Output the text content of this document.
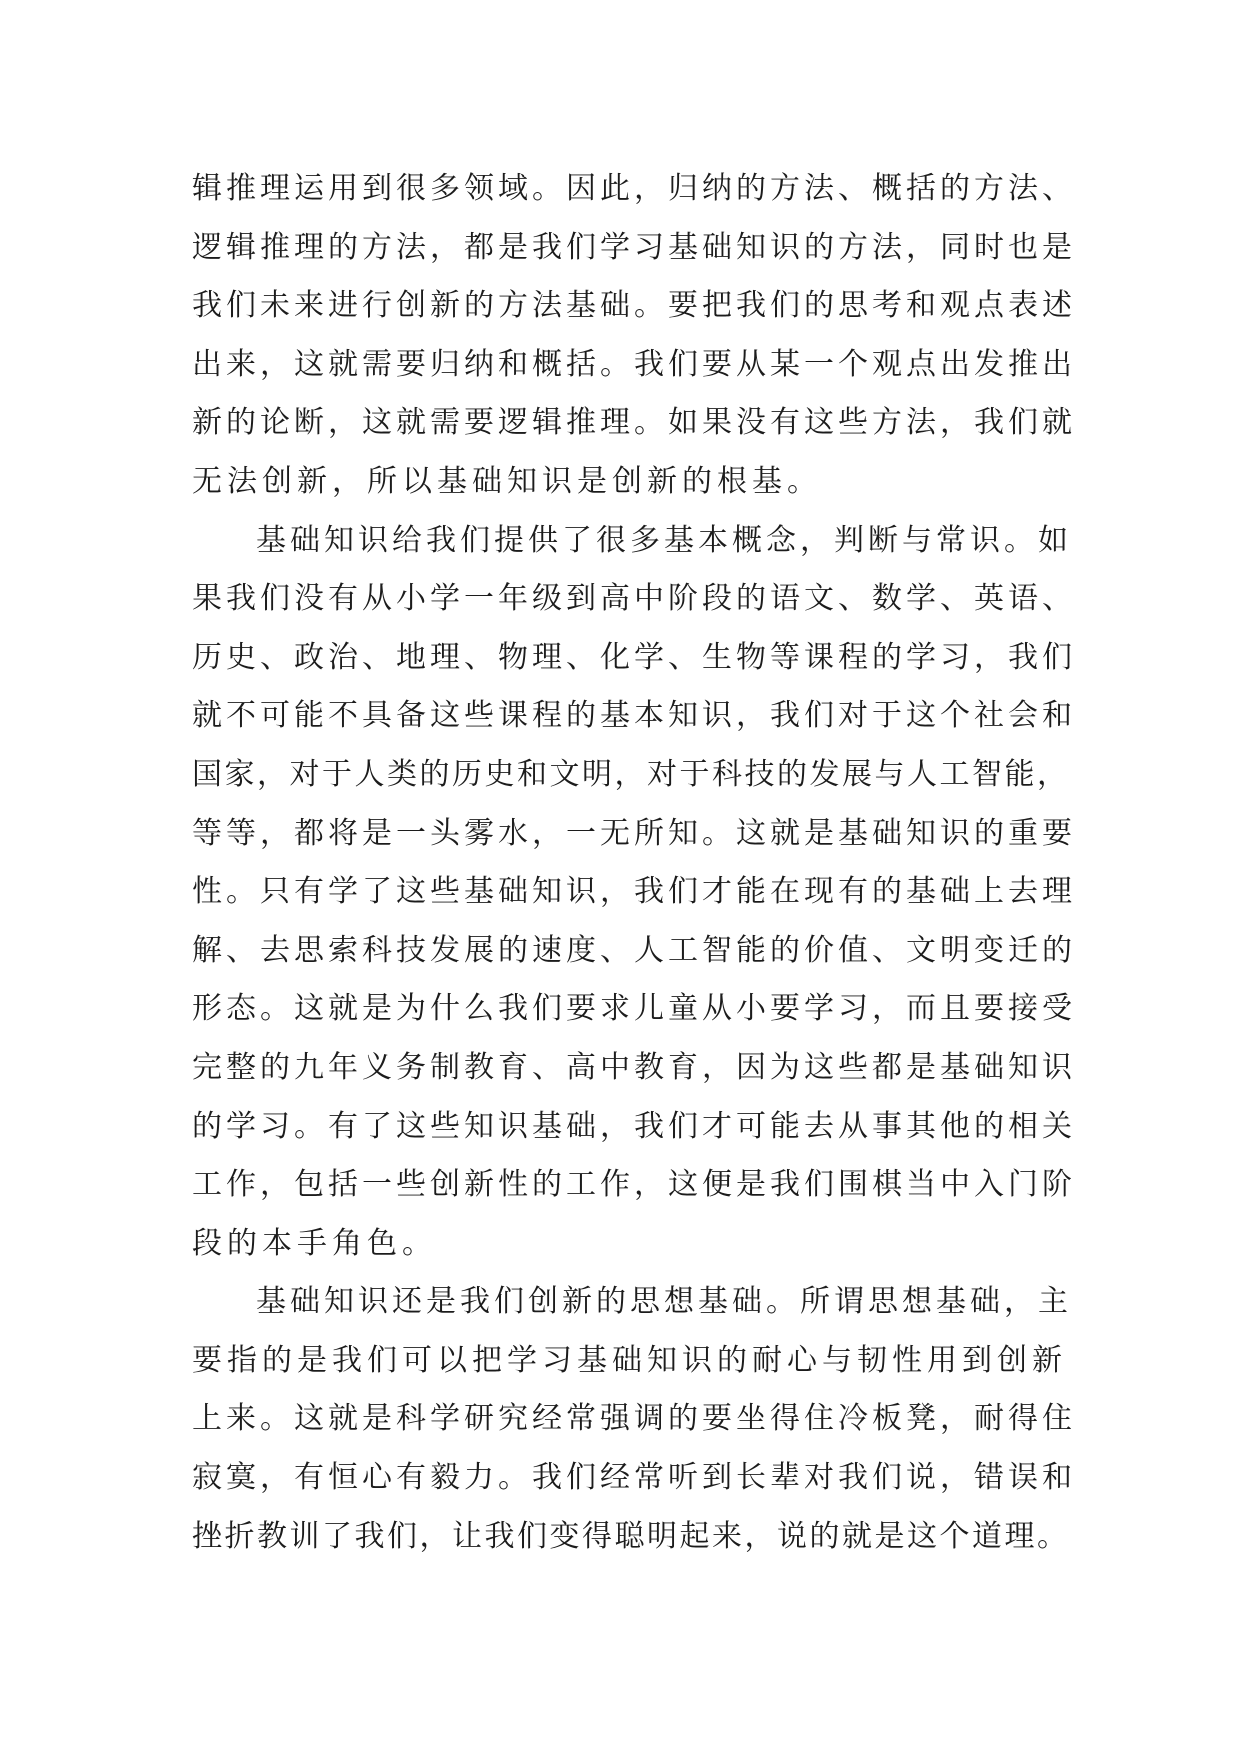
辑推理运用到很多领域。因此，归纳的方法、概括的方法、
逻辑推理的方法，都是我们学习基础知识的方法，同时也是
我们未来进行创新的方法基础。要把我们的思考和观点表述
出来，这就需要归纳和概括。我们要从某一个观点出发推出
新的论断，这就需要逻辑推理。如果没有这些方法，我们就
无法创新，所以基础知识是创新的根基。
基础知识给我们提供了很多基本概念，判断与常识。如
果我们没有从小学一年级到高中阶段的语文、数学、英语、
历史、政治、地理、物理、化学、生物等课程的学习，我们
就不可能不具备这些课程的基本知识，我们对于这个社会和
国家，对于人类的历史和文明，对于科技的发展与人工智能，
等等，都将是一头雾水，一无所知。这就是基础知识的重要
性。只有学了这些基础知识，我们才能在现有的基础上去理
解、去思索科技发展的速度、人工智能的价值、文明变迁的
形态。这就是为什么我们要求儿童从小要学习，而且要接受
完整的九年义务制教育、高中教育，因为这些都是基础知识
的学习。有了这些知识基础，我们才可能去从事其他的相关
工作，包括一些创新性的工作，这便是我们围棋当中入门阶
段的本手角色。
基础知识还是我们创新的思想基础。所谓思想基础，主
要指的是我们可以把学习基础知识的耐心与韧性用到创新
上来。这就是科学研究经常强调的要坐得住冷板凳，耐得住
寂寞，有恒心有毅力。我们经常听到长辈对我们说，错误和
挫折教训了我们，让我们变得聪明起来，说的就是这个道理。
